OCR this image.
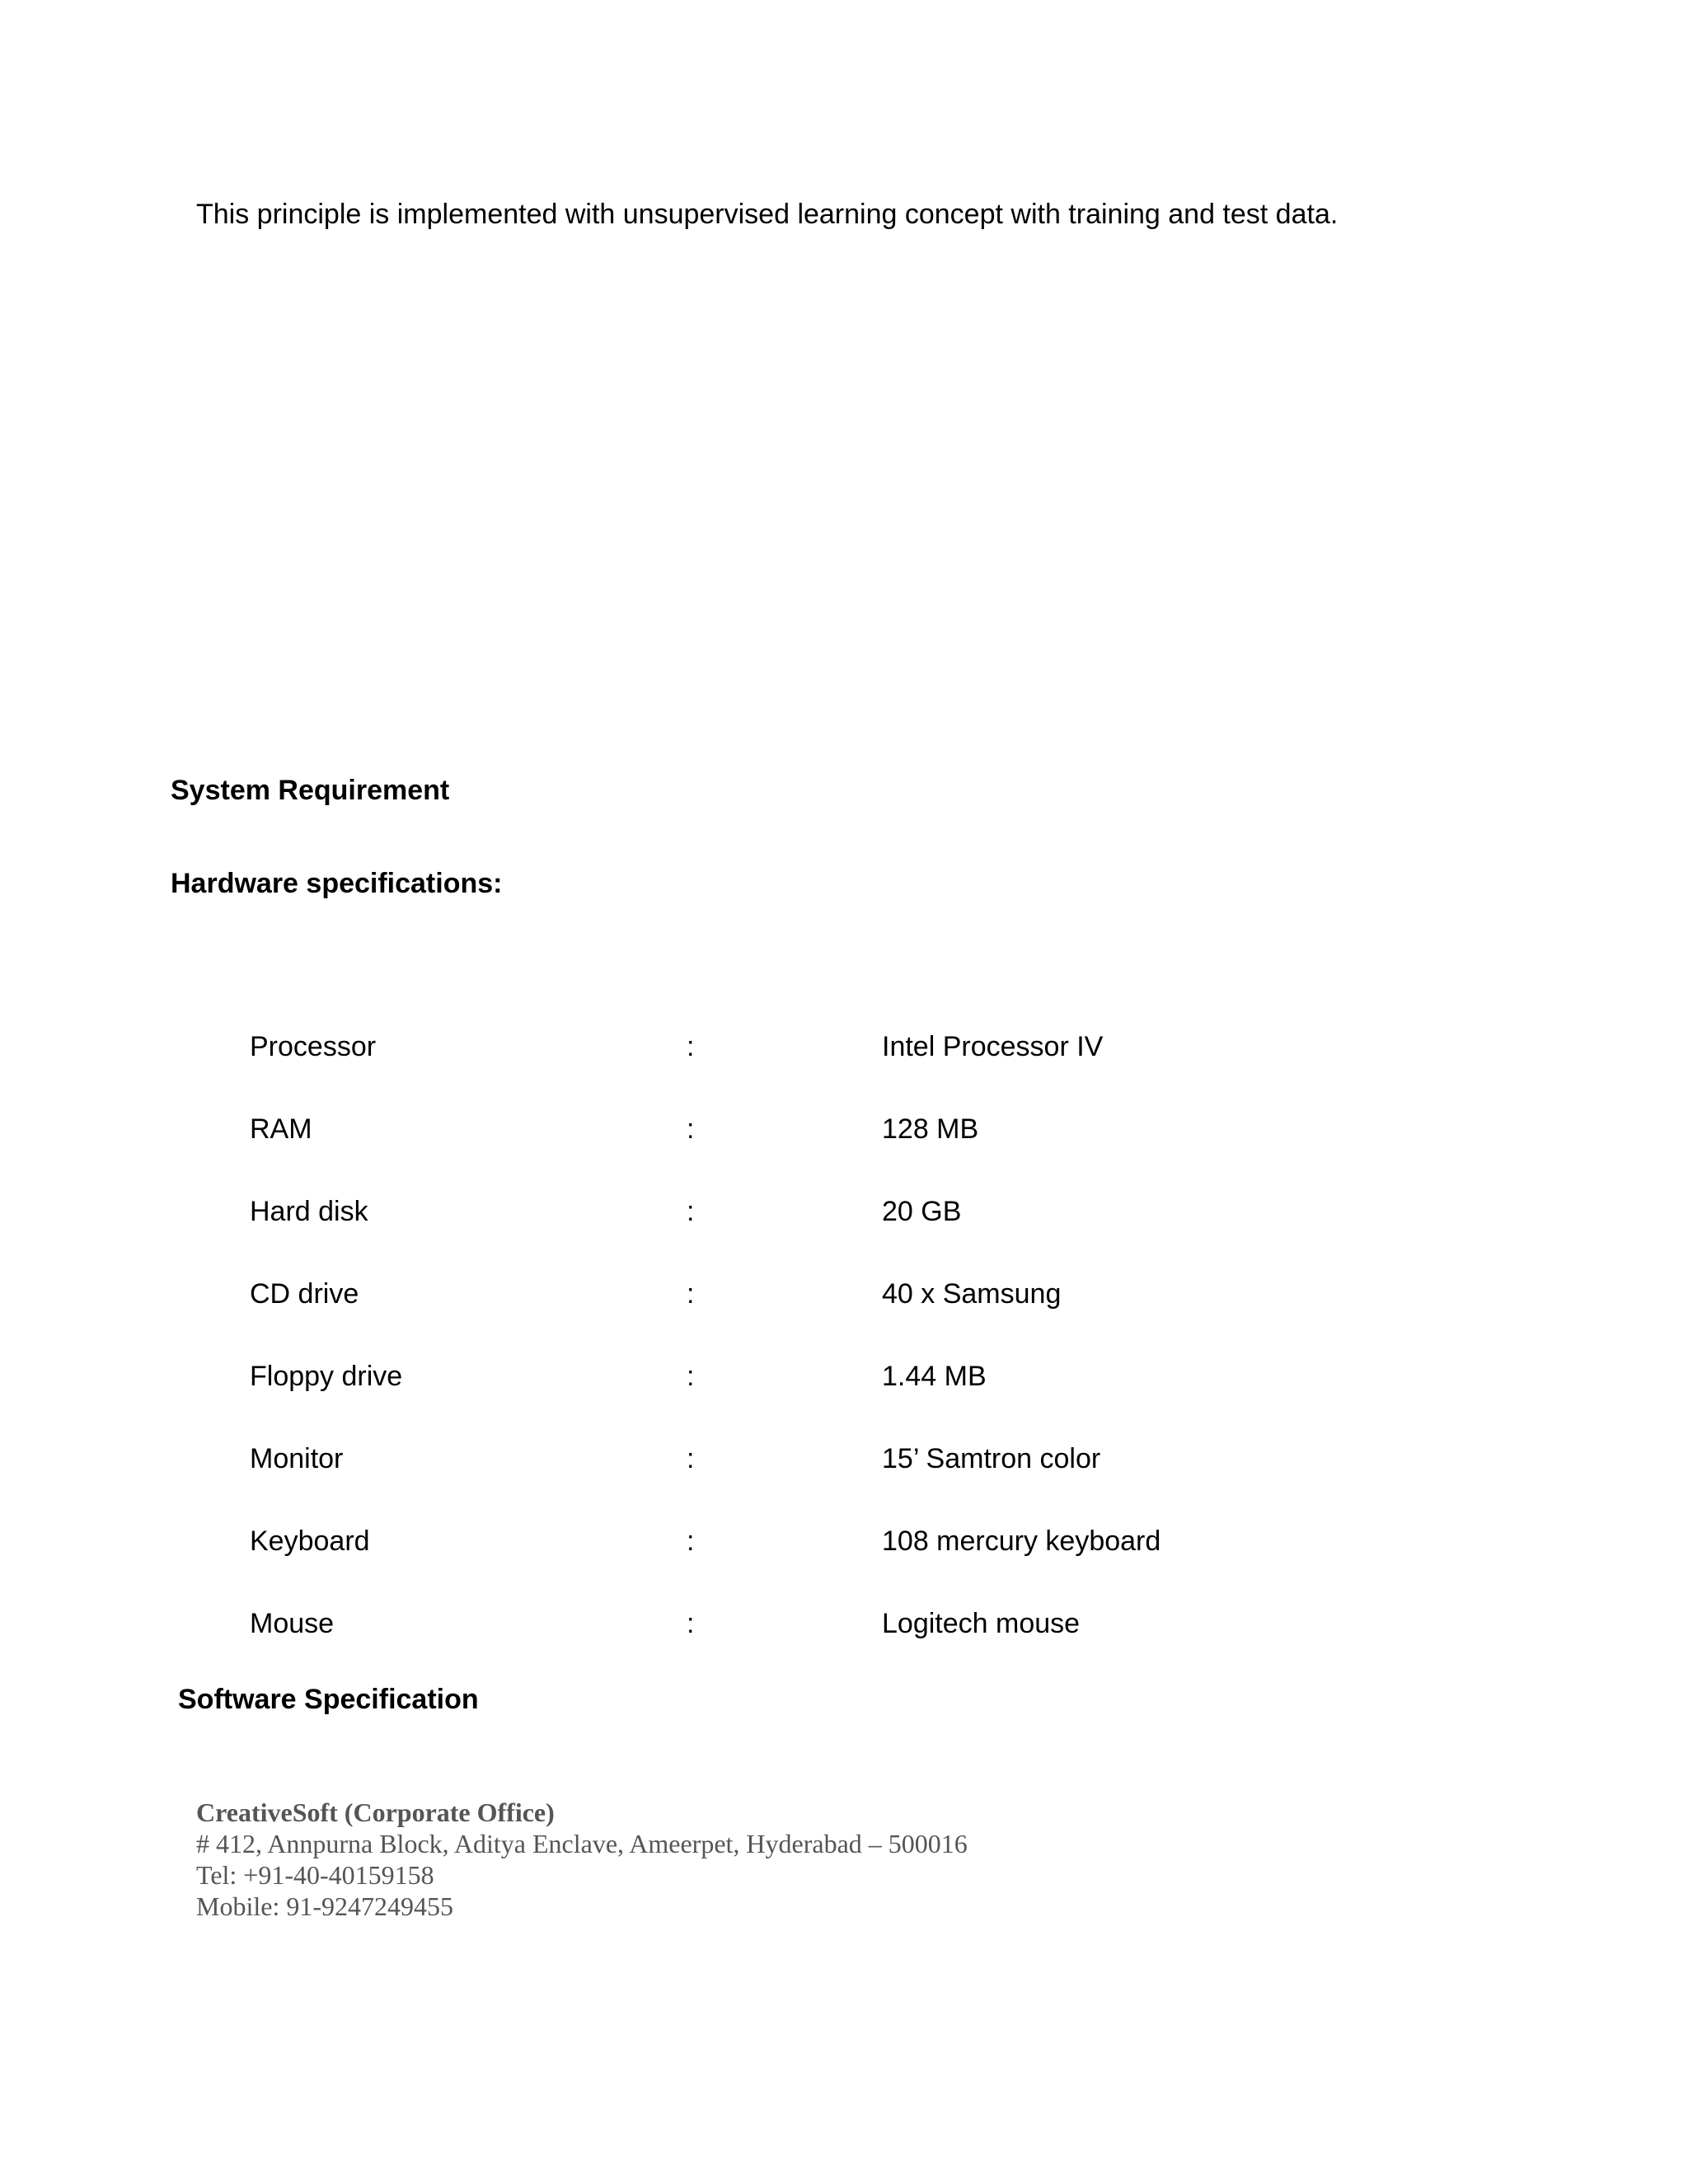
This principle is implemented with unsupervised learning concept with training and test data.
System Requirement
Hardware specifications:
Processor	:	Intel Processor IV
RAM	:	128 MB
Hard disk	:	20 GB
CD drive	:	40 x Samsung
Floppy drive	:	1.44 MB
Monitor	:	15’ Samtron color
Keyboard	:	108 mercury keyboard
Mouse	:	Logitech mouse
Software Specification
CreativeSoft (Corporate Office)
# 412, Annpurna Block, Aditya Enclave, Ameerpet, Hyderabad – 500016
Tel: +91-40-40159158
Mobile: 91-9247249455
